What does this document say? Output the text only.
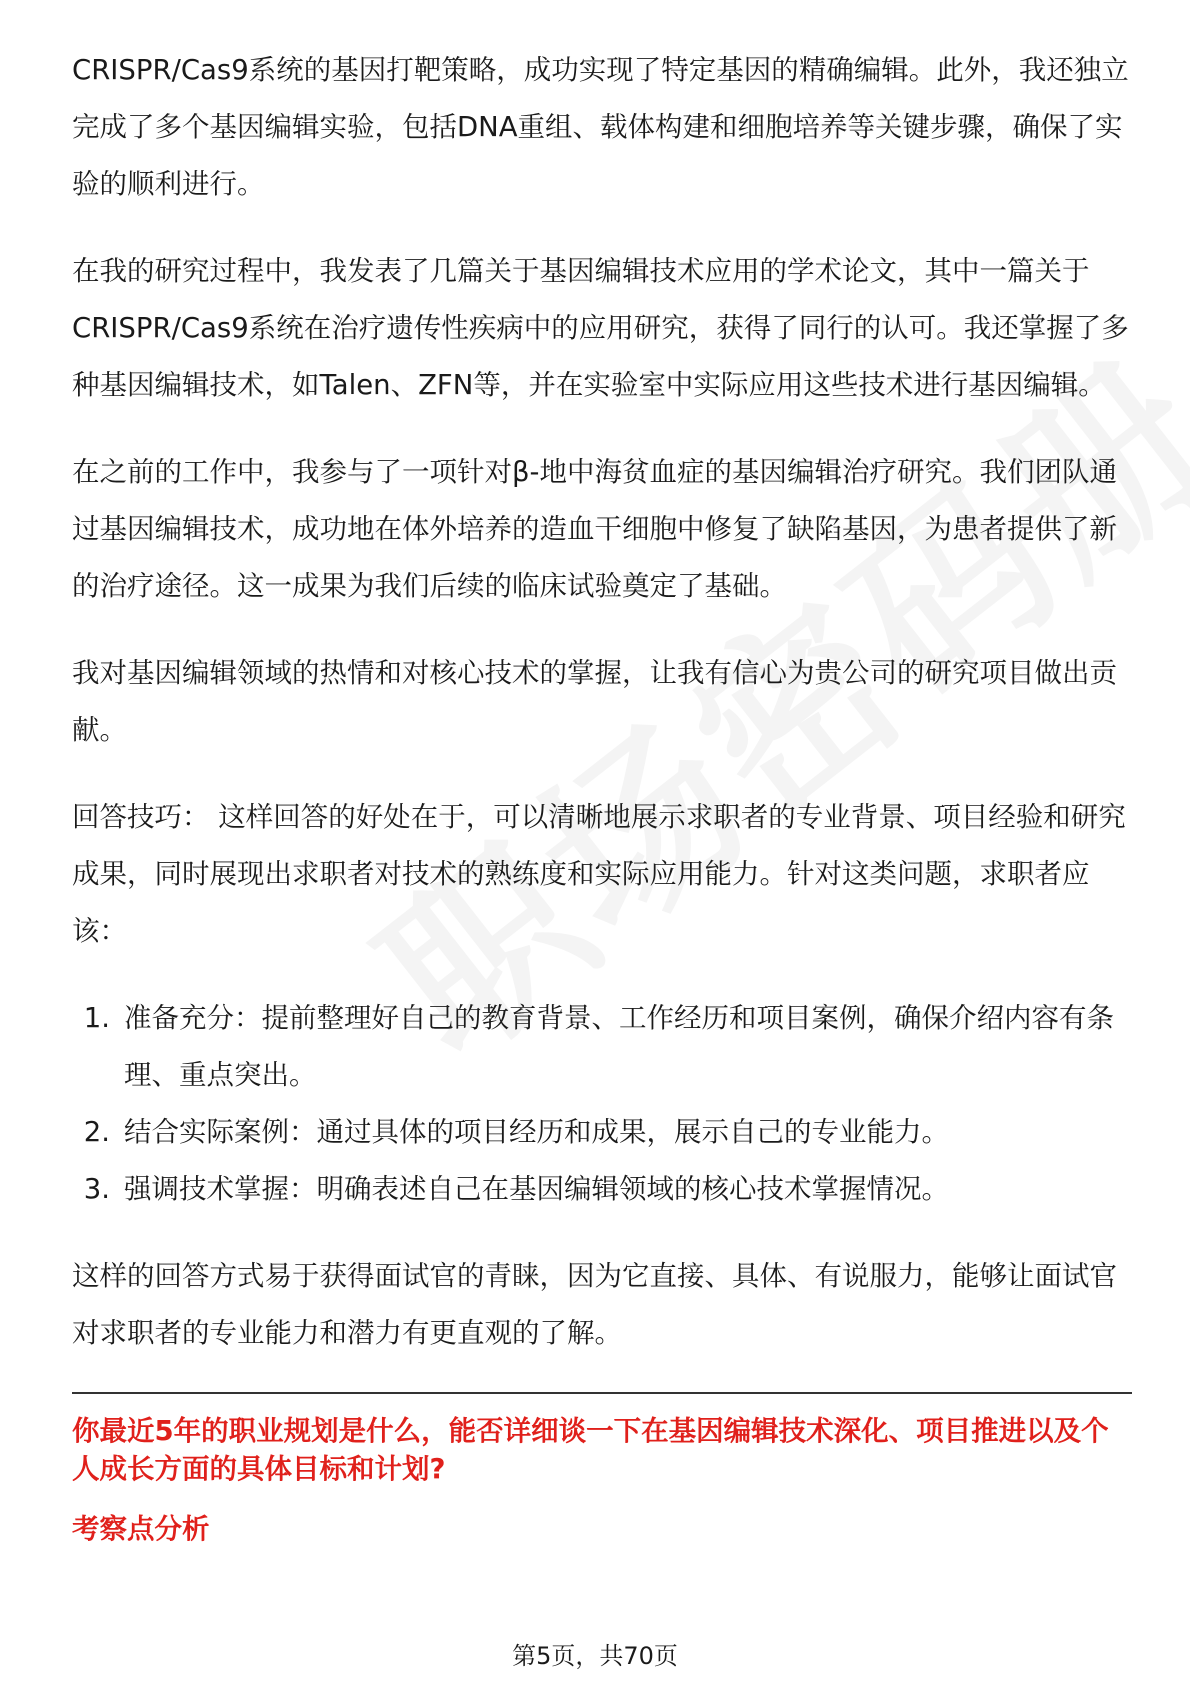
CRISPR/Cas9系统的基因打靶策略，成功实现了特定基因的精确编辑。此外，我还独立完成了多个基因编辑实验，包括DNA重组、载体构建和细胞培养等关键步骤，确保了实验的顺利进行。

在我的研究过程中，我发表了几篇关于基因编辑技术应用的学术论文，其中一篇关于CRISPR/Cas9系统在治疗遗传性疾病中的应用研究，获得了同行的认可。我还掌握了多种基因编辑技术，如Talen、ZFN等，并在实验室中实际应用这些技术进行基因编辑。

在之前的工作中，我参与了一项针对β-地中海贫血症的基因编辑治疗研究。我们团队通过基因编辑技术，成功地在体外培养的造血干细胞中修复了缺陷基因，为患者提供了新的治疗途径。这一成果为我们后续的临床试验奠定了基础。

我对基因编辑领域的热情和对核心技术的掌握，让我有信心为贵公司的研究项目做出贡献。

回答技巧： 这样回答的好处在于，可以清晰地展示求职者的专业背景、项目经验和研究成果，同时展现出求职者对技术的熟练度和实际应用能力。针对这类问题，求职者应该：

1. 准备充分：提前整理好自己的教育背景、工作经历和项目案例，确保介绍内容有条理、重点突出。
2. 结合实际案例：通过具体的项目经历和成果，展示自己的专业能力。
3. 强调技术掌握：明确表述自己在基因编辑领域的核心技术掌握情况。

这样的回答方式易于获得面试官的青睐，因为它直接、具体、有说服力，能够让面试官对求职者的专业能力和潜力有更直观的了解。

你最近5年的职业规划是什么，能否详细谈一下在基因编辑技术深化、项目推进以及个人成长方面的具体目标和计划?

考察点分析

第5页，共70页
